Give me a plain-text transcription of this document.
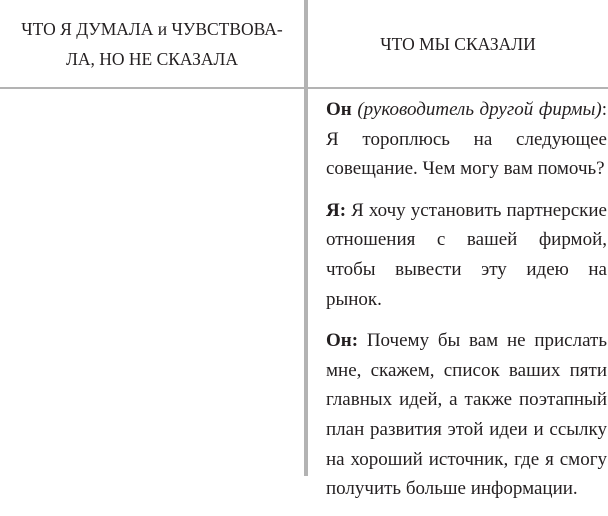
ЧТО Я ДУМАЛА и ЧУВСТВОВА-ЛА, НО НЕ СКАЗАЛА
ЧТО МЫ СКАЗАЛИ

Он (руководитель другой фирмы): Я тороплюсь на следующее совещание. Чем могу вам помочь?

Я: Я хочу установить партнерские отношения с вашей фирмой, чтобы вывести эту идею на рынок.

Он: Почему бы вам не прислать мне, скажем, список ваших пяти главных идей, а также поэтапный план развития этой идеи и ссылку на хороший источник, где я смогу получить больше информации.
